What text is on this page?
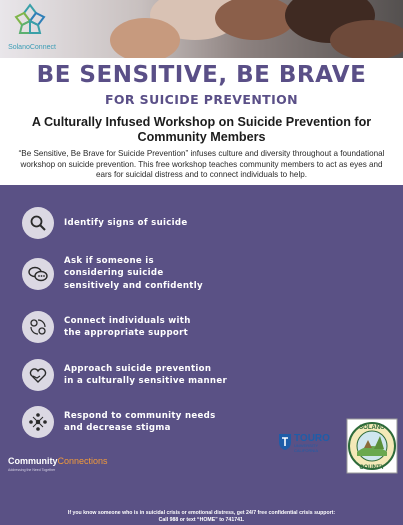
SolanoConnect
BE SENSITIVE, BE BRAVE
FOR SUICIDE PREVENTION
A Culturally Infused Workshop on Suicide Prevention for Community Members
“Be Sensitive, Be Brave for Suicide Prevention” infuses culture and diversity throughout a foundational workshop on suicide prevention. This free workshop teaches community members to act as eyes and ears for suicidal distress and to connect individuals to help.
Identify signs of suicide
Ask if someone is
considering suicide
sensitively and confidently
Connect individuals with
the appropriate support
Approach suicide prevention
in a culturally sensitive manner
Respond to community needs
and decrease stigma
CommunityConnections
Addressing the Need Together
TOURO
UNIVERSITY
CALIFORNIA
SOLANO
COUNTY
If you know someone who is in suicidal crisis or emotional distress, get 24/7 free confidential crisis support:
Call 988 or text “HOME” to 741741.
